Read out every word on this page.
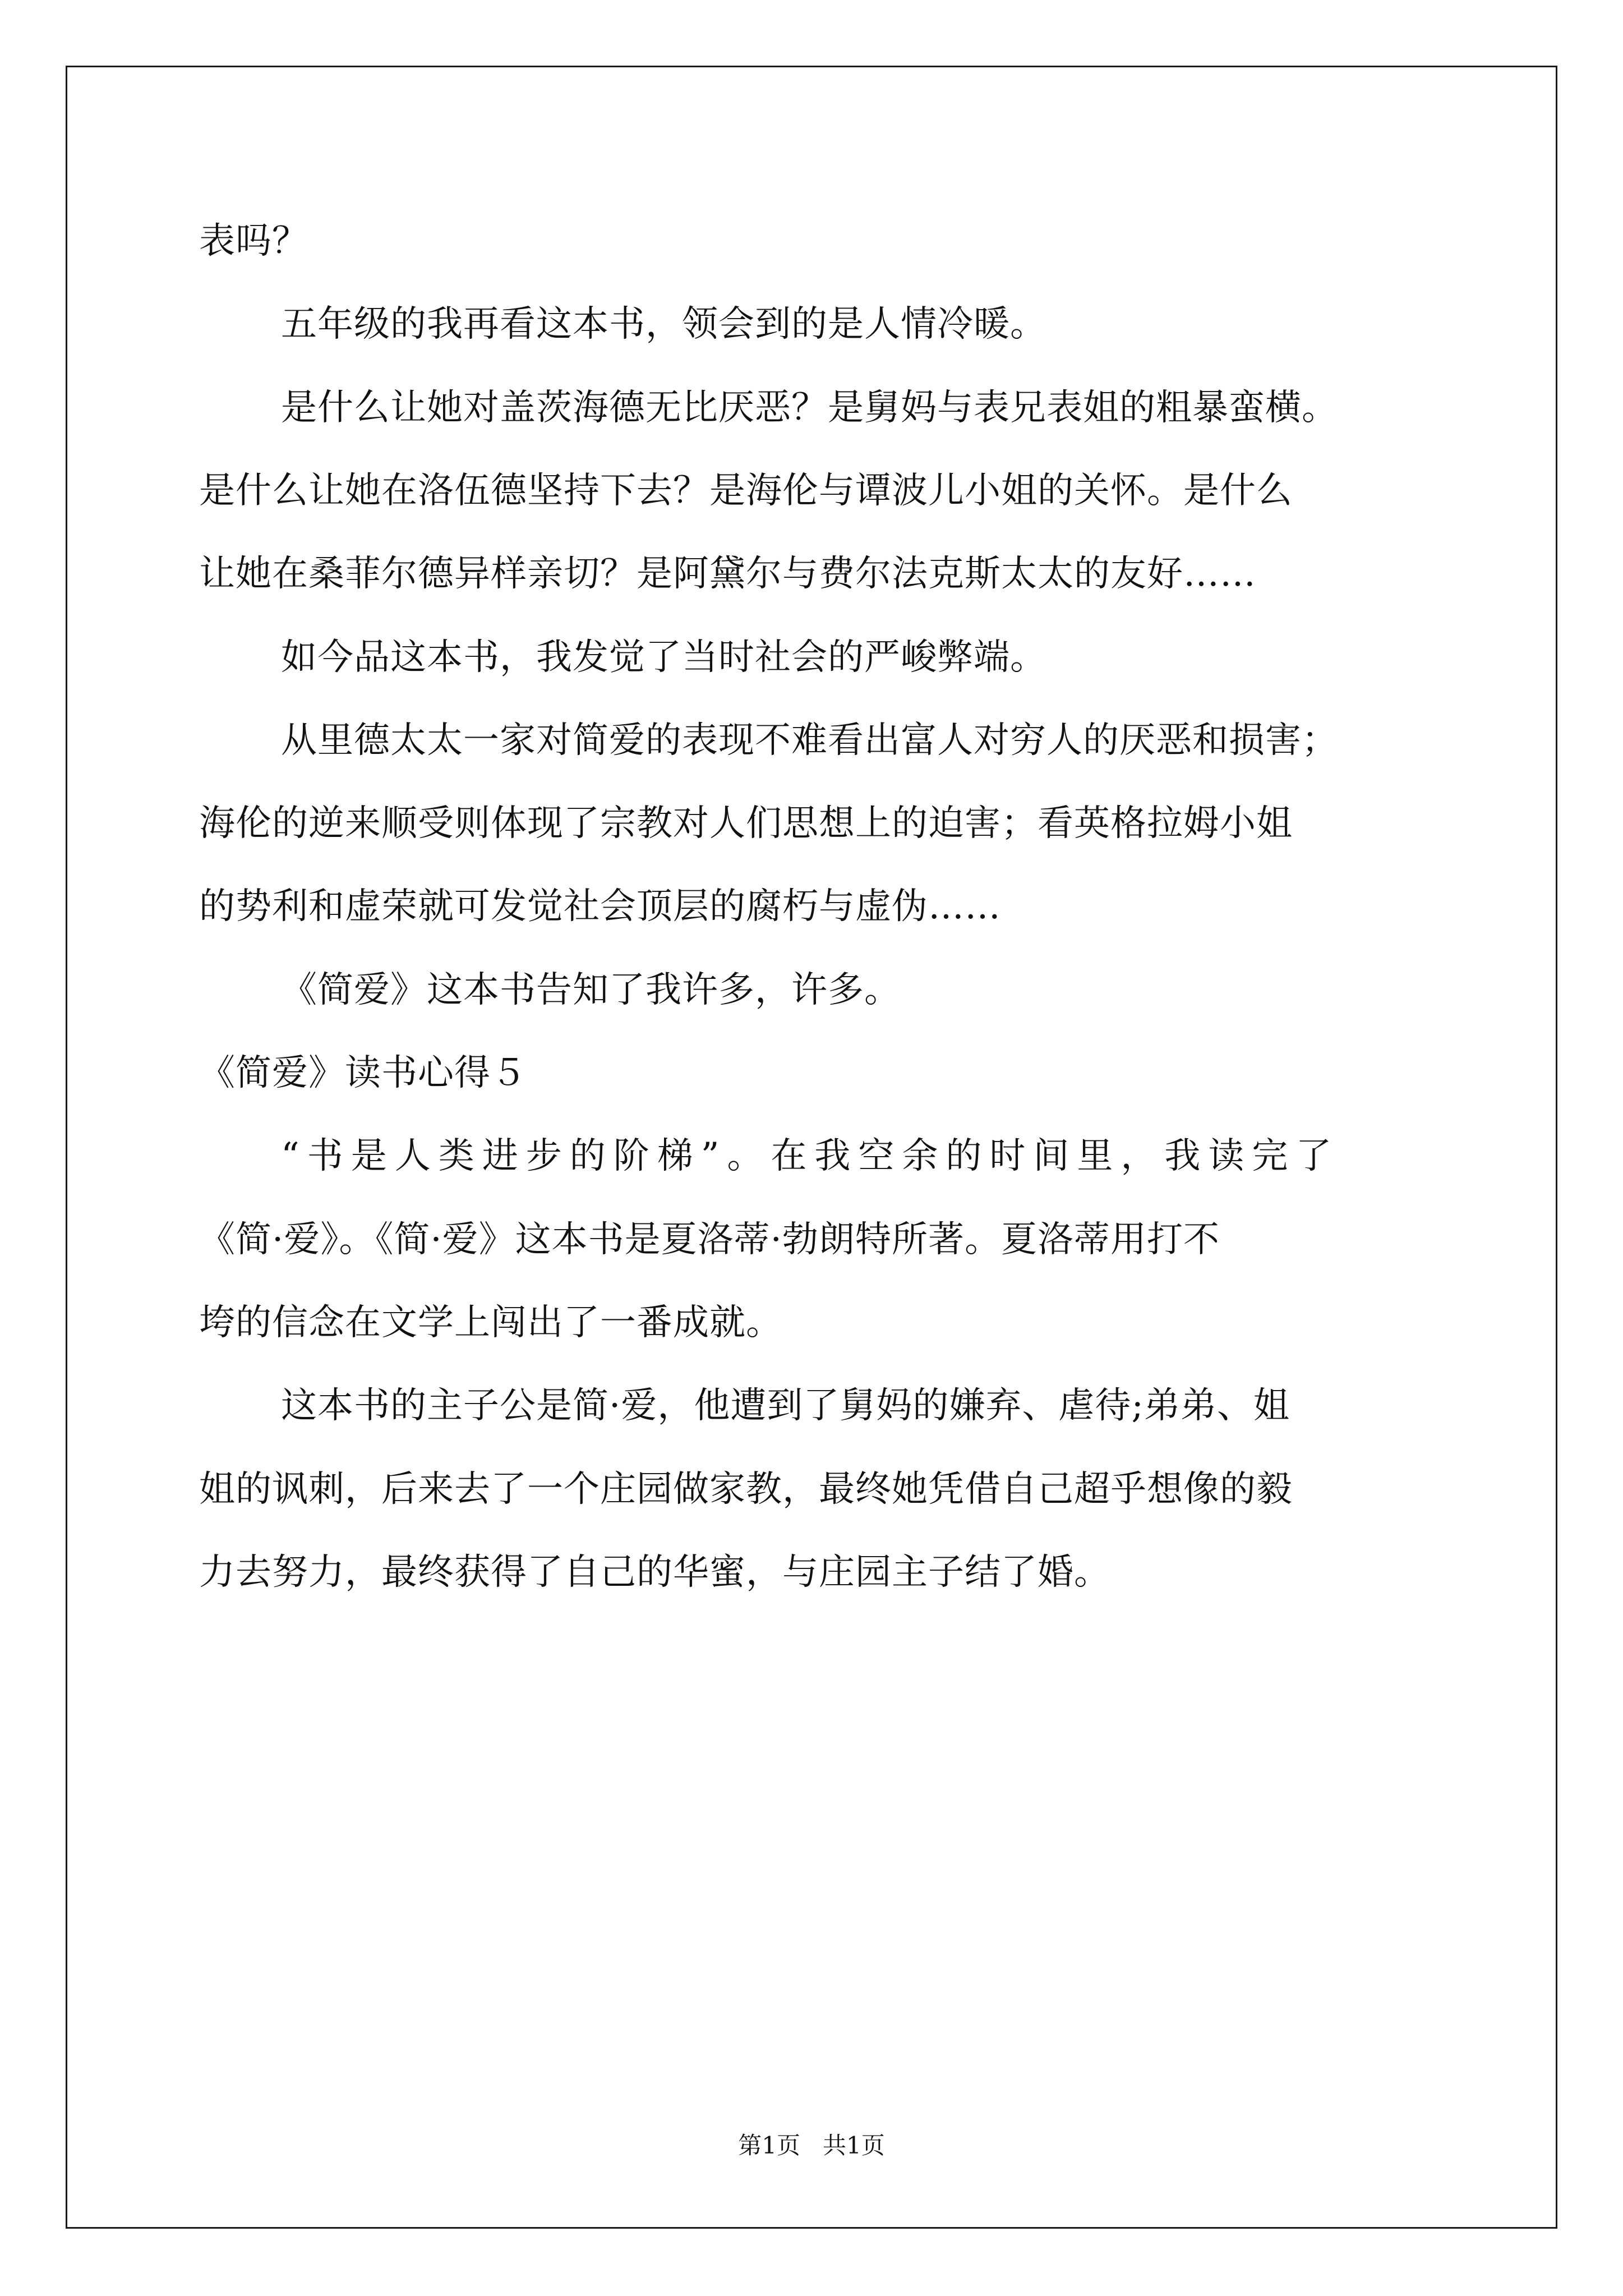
表吗？
五年级的我再看这本书，领会到的是人情冷暖。
是什么让她对盖茨海德无比厌恶？是舅妈与表兄表姐的粗暴蛮横。
是什么让她在洛伍德坚持下去？是海伦与谭波儿小姐的关怀。是什么
让她在桑菲尔德异样亲切？是阿黛尔与费尔法克斯太太的友好……
如今品这本书，我发觉了当时社会的严峻弊端。
从里德太太一家对简爱的表现不难看出富人对穷人的厌恶和损害；
海伦的逆来顺受则体现了宗教对人们思想上的迫害；看英格拉姆小姐
的势利和虚荣就可发觉社会顶层的腐朽与虚伪……
《简爱》这本书告知了我许多，许多。
《简爱》读书心得５
“书是人类进步的阶梯”。在我空余的时间里，我读完了
《简·爱》。《简·爱》这本书是夏洛蒂·勃朗特所著。夏洛蒂用打不
垮的信念在文学上闯出了一番成就。
这本书的主子公是简·爱，他遭到了舅妈的嫌弃、虐待;弟弟、姐
姐的讽刺，后来去了一个庄园做家教，最终她凭借自己超乎想像的毅
力去努力，最终获得了自己的华蜜，与庄园主子结了婚。
第1页   共1页
